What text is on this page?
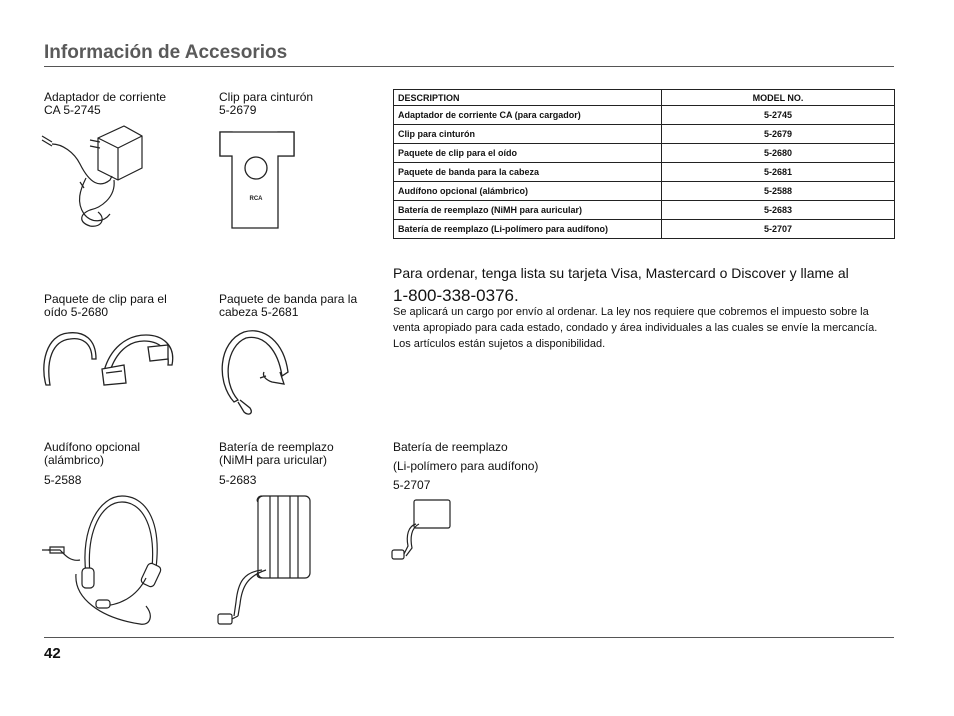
Información de Accesorios
Adaptador de corriente
CA 5-2745
Clip para cinturón
5-2679
RCA
Paquete de clip para el
oído 5-2680
Paquete de banda para la
cabeza 5-2681
Audífono opcional
(alámbrico)
5-2588
Batería de reemplazo
(NiMH para uricular)
5-2683
Batería de reemplazo
(Li-polímero para audífono)
5-2707
DESCRIPTION	MODEL NO.
Adaptador de corriente CA (para cargador)	5-2745
Clip para cinturón	5-2679
Paquete de clip para el oído	5-2680
Paquete de banda para la cabeza	5-2681
Audífono opcional (alámbrico)	5-2588
Batería de reemplazo (NiMH para auricular)	5-2683
Batería de reemplazo (Li-polímero para audífono)	5-2707
Para ordenar, tenga lista su tarjeta Visa, Mastercard o Discover y llame al
1-800-338-0376.
Se aplicará un cargo por envío al ordenar. La ley nos requiere que cobremos el impuesto sobre la venta apropiado para cada estado, condado y área individuales a las cuales se envíe la mercancía. Los artículos están sujetos a disponibilidad.
42
